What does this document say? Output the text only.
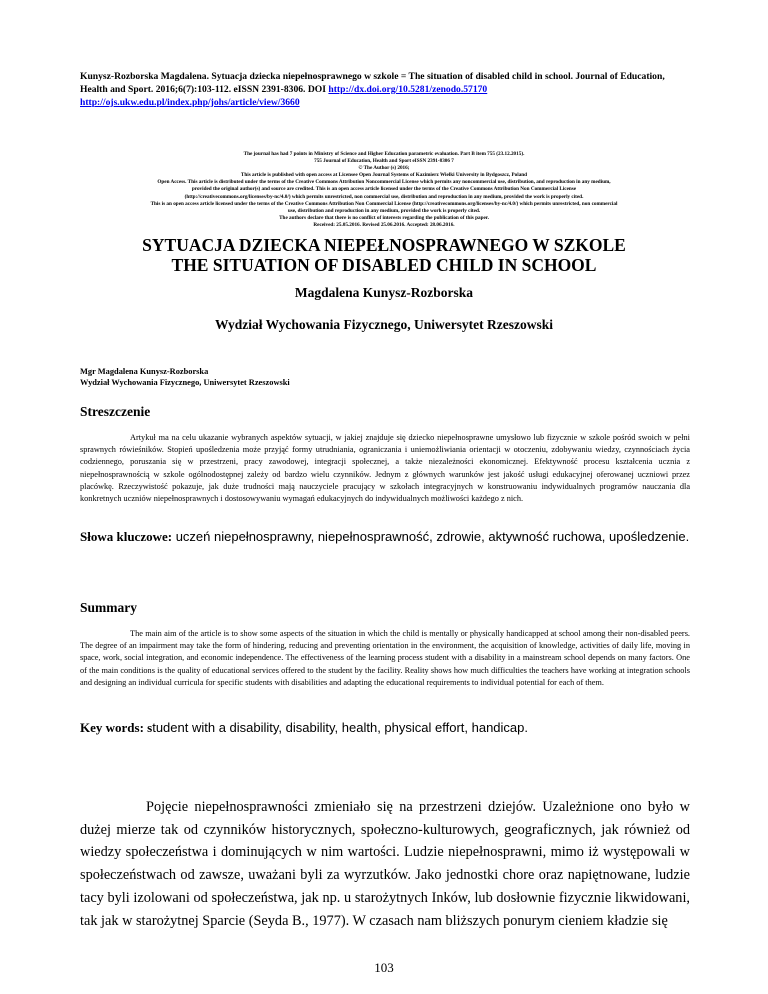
Kunysz-Rozborska Magdalena. Sytuacja dziecka niepełnosprawnego w szkole = The situation of disabled child in school. Journal of Education, Health and Sport. 2016;6(7):103-112. eISSN 2391-8306. DOI http://dx.doi.org/10.5281/zenodo.57170
http://ojs.ukw.edu.pl/index.php/johs/article/view/3660
The journal has had 7 points in Ministry of Science and Higher Education parametric evaluation. Part B item 755 (23.12.2015).
755 Journal of Education, Health and Sport eISSN 2391-8306 7
© The Author (s) 2016;
This article is published with open access at Licensee Open Journal Systems of Kazimierz Wielki University in Bydgoszcz, Poland
Open Access. This article is distributed under the terms of the Creative Commons Attribution Noncommercial License which permits any noncommercial use, distribution, and reproduction in any medium,
provided the original author(s) and source are credited. This is an open access article licensed under the terms of the Creative Commons Attribution Non Commercial License
(http://creativecommons.org/licenses/by-nc/4.0/) which permits unrestricted, non commercial use, distribution and reproduction in any medium, provided the work is properly cited.
This is an open access article licensed under the terms of the Creative Commons Attribution Non Commercial License (http://creativecommons.org/licenses/by-nc/4.0/) which permits unrestricted, non commercial
use, distribution and reproduction in any medium, provided the work is properly cited.
The authors declare that there is no conflict of interests regarding the publication of this paper.
Received: 25.05.2016. Revised 25.06.2016. Accepted: 28.06.2016.
SYTUACJA DZIECKA NIEPEŁNOSPRAWNEGO W SZKOLE
THE SITUATION OF DISABLED CHILD IN SCHOOL
Magdalena Kunysz-Rozborska
Wydział Wychowania Fizycznego, Uniwersytet Rzeszowski
Mgr Magdalena Kunysz-Rozborska
Wydział Wychowania Fizycznego, Uniwersytet Rzeszowski
Streszczenie
Artykuł ma na celu ukazanie wybranych aspektów sytuacji, w jakiej znajduje się dziecko niepełnosprawne umysłowo lub fizycznie w szkole pośród swoich w pełni sprawnych rówieśników. Stopień upośledzenia może przyjąć formy utrudniania, ograniczania i uniemożliwiania orientacji w otoczeniu, zdobywaniu wiedzy, czynnościach życia codziennego, poruszania się w przestrzeni, pracy zawodowej, integracji społecznej, a także niezależności ekonomicznej. Efektywność procesu kształcenia ucznia z niepełnosprawnością w szkole ogólnodostępnej zależy od bardzo wielu czynników. Jednym z głównych warunków jest jakość usługi edukacyjnej oferowanej uczniowi przez placówkę. Rzeczywistość pokazuje, jak duże trudności mają nauczyciele pracujący w szkołach integracyjnych w konstruowaniu indywidualnych programów nauczania dla konkretnych uczniów niepełnosprawnych i dostosowywaniu wymagań edukacyjnych do indywidualnych możliwości każdego z nich.
Słowa kluczowe: uczeń niepełnosprawny, niepełnosprawność, zdrowie, aktywność ruchowa, upośledzenie.
Summary
The main aim of the article is to show some aspects of the situation in which the child is mentally or physically handicapped at school among their non-disabled peers. The degree of an impairment may take the form of hindering, reducing and preventing orientation in the environment, the acquisition of knowledge, activities of daily life, moving in space, work, social integration, and economic independence. The effectiveness of the learning process student with a disability in a mainstream school depends on many factors. One of the main conditions is the quality of educational services offered to the student by the facility. Reality shows how much difficulties the teachers have working at integration schools and designing an individual curricula for specific students with disabilities and adapting the educational requirements to individual potential for each of them.
Key words: student with a disability, disability, health, physical effort, handicap.
Pojęcie niepełnosprawności zmieniało się na przestrzeni dziejów. Uzależnione ono było w dużej mierze tak od czynników historycznych, społeczno-kulturowych, geograficznych, jak również od wiedzy społeczeństwa i dominujących w nim wartości. Ludzie niepełnosprawni, mimo iż występowali w społeczeństwach od zawsze, uważani byli za wyrzutków. Jako jednostki chore oraz napiętnowane, ludzie tacy byli izolowani od społeczeństwa, jak np. u starożytnych Inków, lub dosłownie fizycznie likwidowani, tak jak w starożytnej Sparcie (Seyda B., 1977). W czasach nam bliższych ponurym cieniem kładzie się
103
